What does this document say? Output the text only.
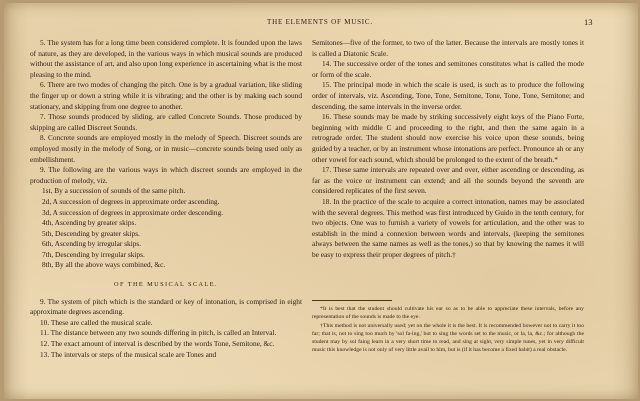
THE ELEMENTS OF MUSIC.	13

5. The system has for a long time been considered complete. It is founded upon the laws of nature, as they are developed, in the various ways in which musical sounds are produced without the assistance of art, and also upon long experience in ascertaining what is the most pleasing to the mind.

6. There are two modes of changing the pitch. One is by a gradual variation, like sliding the finger up or down a string while it is vibrating; and the other is by making each sound stationary, and skipping from one degree to another.

7. Those sounds produced by sliding, are called Concrete Sounds. Those produced by skipping are called Discreet Sounds.

8. Concrete sounds are employed mostly in the melody of Speech. Discreet sounds are employed mostly in the melody of Song, or in music—concrete sounds being used only as embellishment.

9. The following are the various ways in which discreet sounds are employed in the production of melody, viz.

1st, By a succession of sounds of the same pitch.
2d, A succession of degrees in approximate order ascending.
3d, A succession of degrees in approximate order descending.
4th, Ascending by greater skips.
5th, Descending by greater skips.
6th, Ascending by irregular skips.
7th, Descending by irregular skips.
8th, By all the above ways combined, &c.
OF THE MUSICAL SCALE.

9. The system of pitch which is the standard or key of intonation, is comprised in eight approximate degrees ascending.

10. These are called the musical scale.

11. The distance between any two sounds differing in pitch, is called an Interval.

12. The exact amount of interval is described by the words Tone, Semitone, &c.

13. The intervals or steps of the musical scale are Tones and

Semitones—five of the former, to two of the latter. Because the intervals are mostly tones it is called a Diatonic Scale.

14. The successive order of the tones and semitones constitutes what is called the mode or form of the scale.

15. The principal mode in which the scale is used, is such as to produce the following order of intervals, viz. Ascending, Tone, Tone, Semitone, Tone, Tone, Tone, Semitone; and descending, the same intervals in the inverse order.

16. These sounds may be made by striking successively eight keys of the Piano Forte, beginning with middle C and proceeding to the right, and then the same again in a retrograde order. The student should now exercise his voice upon these sounds, being guided by a teacher, or by an instrument whose intonations are perfect. Pronounce ah or any other vowel for each sound, which should be prolonged to the extent of the breath.*

17. These same intervals are repeated over and over, either ascending or descending, as far as the voice or instrument can extend; and all the sounds beyond the seventh are considered replicates of the first seven.

18. In the practice of the scale to acquire a correct intonation, names may be associated with the several degrees. This method was first introduced by Guido in the tenth century, for two objects. One was to furnish a variety of vowels for articulation, and the other was to establish in the mind a connexion between words and intervals, (keeping the semitones always between the same names as well as the tones,) so that by knowing the names it will be easy to express their proper degrees of pitch.†

*It is best that the student should cultivate his ear so as to be able to appreciate these intervals, before any representation of the sounds is made to the eye.

†This method is not universally used; yet on the whole it is the best. It is recommended however not to carry it too far; that is, not to sing too much by 'sol fa-ing,' but to sing the words set to the music, or la, la, &c.; for although the student may by sol faing learn in a very short time to read, and sing at sight, very simple tunes, yet in very difficult music this knowledge is not only of very little avail to him, but is (if it has become a fixed habit) a real obstacle.
